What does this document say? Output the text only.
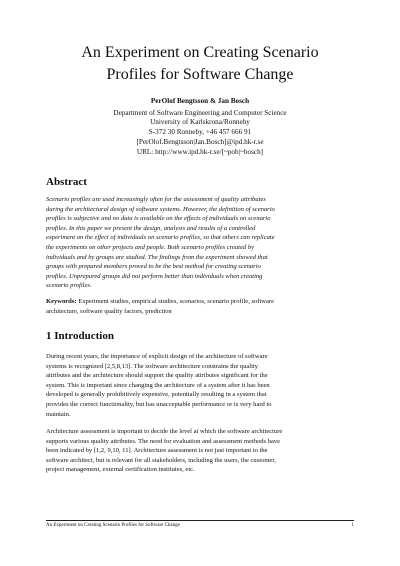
An Experiment on Creating Scenario
Profiles for Software Change
PerOlof Bengtsson & Jan Bosch
Department of Software Engineering and Computer Science
University of Karlskrona/Ronneby
S-372 30 Ronneby, +46 457 666 91
[PerOlof.Bengtsson|Jan.Bosch]@ipd.hk-r.se
URL: http://www.ipd.hk-r.se/[~pob|~bosch]
Abstract
Scenario profiles are used increasingly often for the assessment of quality attributes
during the architectural design of software systems. However, the definition of scenario
profiles is subjective and no data is available on the effects of individuals on scenario
profiles. In this paper we present the design, analysis and results of a controlled
experiment on the effect of individuals on scenario profiles, so that others can replicate
the experiments on other projects and people. Both scenario profiles created by
individuals and by groups are studied. The findings from the experiment showed that
groups with prepared members proved to be the best method for creating scenario
profiles. Unprepared groups did not perform better than individuals when creating
scenario profiles.
Keywords: Experiment studies, empirical studies, scenarios, scenario profile, software
architecture, software quality factors, prediction
1 Introduction
During recent years, the importance of explicit design of the architecture of software
systems is recognized [2,5,8,13]. The software architecture constrains the quality
attributes and the architecture should support the quality attributes significant for the
system. This is important since changing the architecture of a system after it has been
developed is generally prohibitively expensive, potentially resulting in a system that
provides the correct functionality, but has unacceptable performance or is very hard to
maintain.
Architecture assessment is important to decide the level at which the software architecture
supports various quality attributes. The need for evaluation and assessment methods have
been indicated by [1,2, 9,10, 11]. Architecture assessment is not just important to the
software architect, but is relevant for all stakeholders, including the users, the customer,
project management, external certification institutes, etc.
An Experiment on Creating Scenario Profiles for Software Change	1
